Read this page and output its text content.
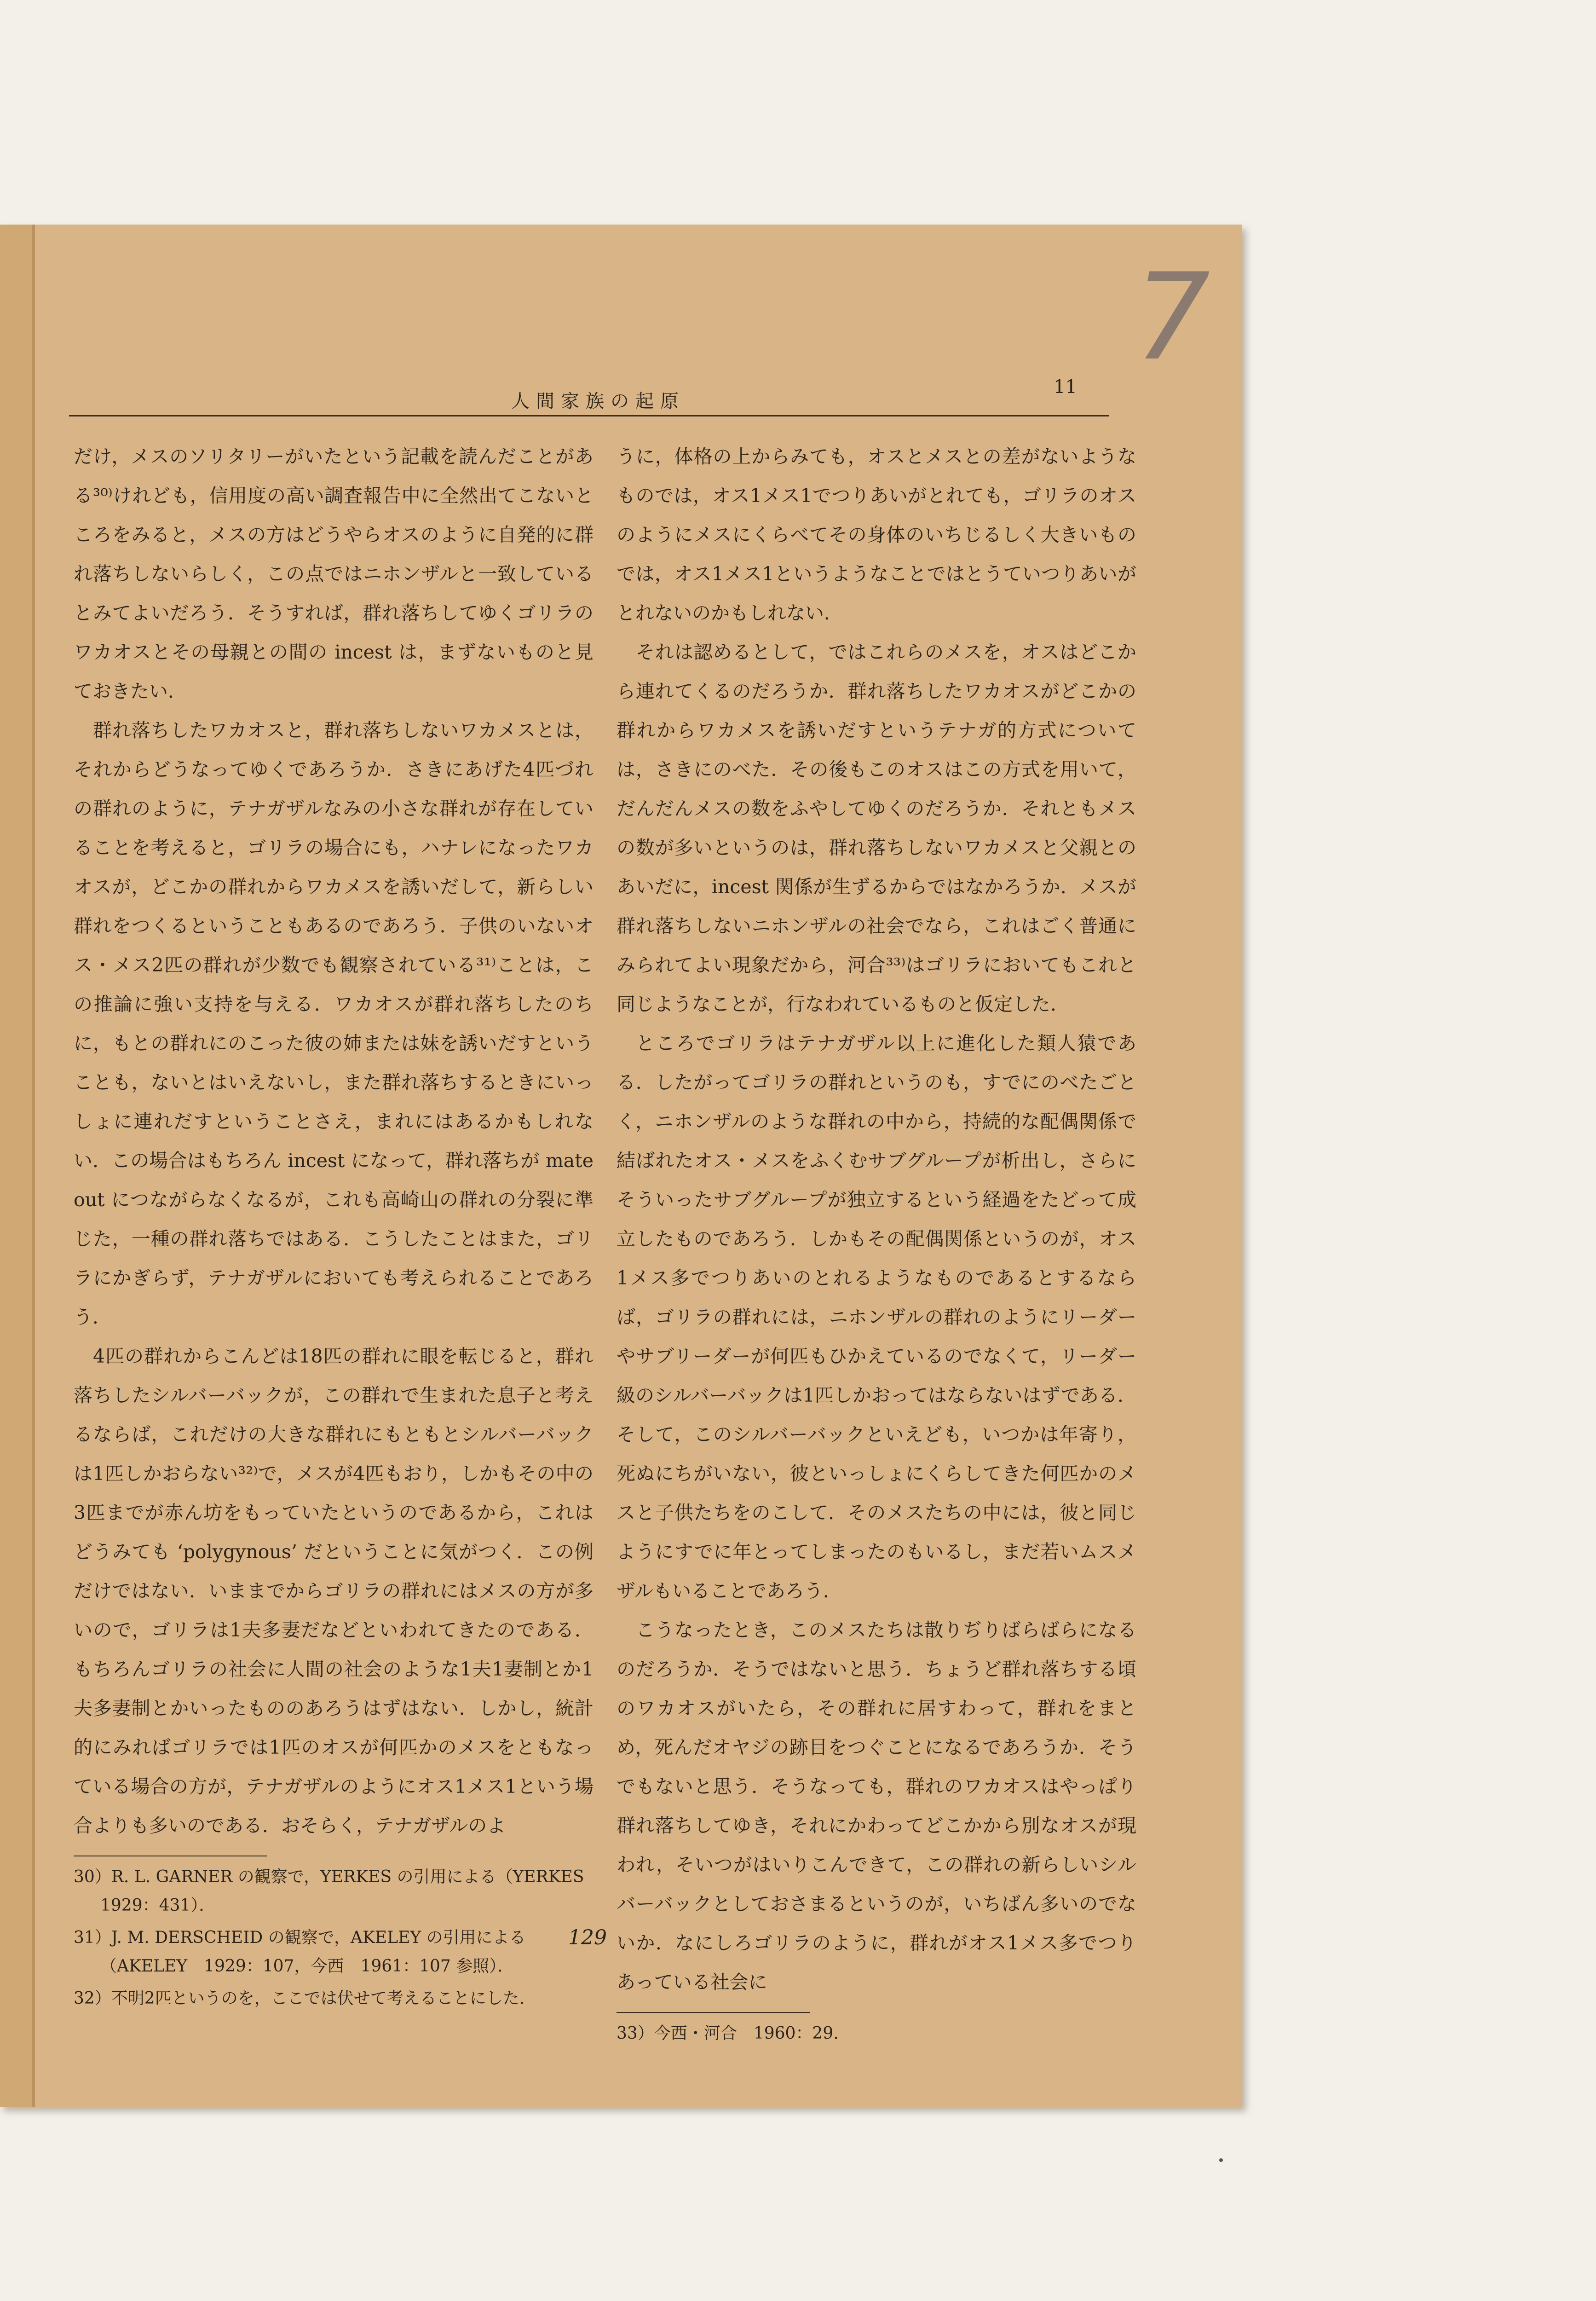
7
人間家族の起原
11

だけ，メスのソリタリーがいたという記載を読んだことがある³⁰⁾けれども，信用度の高い調査報告中に全然出てこないところをみると，メスの方はどうやらオスのように自発的に群れ落ちしないらしく，この点ではニホンザルと一致しているとみてよいだろう．そうすれば，群れ落ちしてゆくゴリラのワカオスとその母親との間の incest は，まずないものと見ておきたい．

群れ落ちしたワカオスと，群れ落ちしないワカメスとは，それからどうなってゆくであろうか．さきにあげた4匹づれの群れのように，テナガザルなみの小さな群れが存在していることを考えると，ゴリラの場合にも，ハナレになったワカオスが，どこかの群れからワカメスを誘いだして，新らしい群れをつくるということもあるのであろう．子供のいないオス・メス2匹の群れが少数でも観察されている³¹⁾ことは，この推論に強い支持を与える．ワカオスが群れ落ちしたのちに，もとの群れにのこった彼の姉または妹を誘いだすということも，ないとはいえないし，また群れ落ちするときにいっしょに連れだすということさえ，まれにはあるかもしれない．この場合はもちろん incest になって，群れ落ちが mate out につながらなくなるが，これも高崎山の群れの分裂に準じた，一種の群れ落ちではある．こうしたことはまた，ゴリラにかぎらず，テナガザルにおいても考えられることであろう．

4匹の群れからこんどは18匹の群れに眼を転じると，群れ落ちしたシルバーバックが，この群れで生まれた息子と考えるならば，これだけの大きな群れにもともとシルバーバックは1匹しかおらない³²⁾で，メスが4匹もおり，しかもその中の3匹までが赤ん坊をもっていたというのであるから，これはどうみても ‘polygynous’ だということに気がつく．この例だけではない．いままでからゴリラの群れにはメスの方が多いので，ゴリラは1夫多妻だなどといわれてきたのである．もちろんゴリラの社会に人間の社会のような1夫1妻制とか1夫多妻制とかいったもののあろうはずはない．しかし，統計的にみればゴリラでは1匹のオスが何匹かのメスをともなっている場合の方が，テナガザルのようにオス1メス1という場合よりも多いのである．おそらく，テナガザルのよ

30）R. L. GARNER の観察で，YERKES の引用による（YERKES　1929：431）．

31）J. M. DERSCHEID の観察で，AKELEY の引用による（AKELEY　1929：107，今西　1961：107 参照）．

32）不明2匹というのを，ここでは伏せて考えることにした．

うに，体格の上からみても，オスとメスとの差がないようなものでは，オス1メス1でつりあいがとれても，ゴリラのオスのようにメスにくらべてその身体のいちじるしく大きいものでは，オス1メス1というようなことではとうていつりあいがとれないのかもしれない．

それは認めるとして，ではこれらのメスを，オスはどこから連れてくるのだろうか．群れ落ちしたワカオスがどこかの群れからワカメスを誘いだすというテナガ的方式については，さきにのべた．その後もこのオスはこの方式を用いて，だんだんメスの数をふやしてゆくのだろうか．それともメスの数が多いというのは，群れ落ちしないワカメスと父親とのあいだに，incest 関係が生ずるからではなかろうか．メスが群れ落ちしないニホンザルの社会でなら，これはごく普通にみられてよい現象だから，河合³³⁾はゴリラにおいてもこれと同じようなことが，行なわれているものと仮定した．

ところでゴリラはテナガザル以上に進化した類人猿である．したがってゴリラの群れというのも，すでにのべたごとく，ニホンザルのような群れの中から，持続的な配偶関係で結ばれたオス・メスをふくむサブグループが析出し，さらにそういったサブグループが独立するという経過をたどって成立したものであろう．しかもその配偶関係というのが，オス1メス多でつりあいのとれるようなものであるとするならば，ゴリラの群れには，ニホンザルの群れのようにリーダーやサブリーダーが何匹もひかえているのでなくて，リーダー級のシルバーバックは1匹しかおってはならないはずである．そして，このシルバーバックといえども，いつかは年寄り，死ぬにちがいない，彼といっしょにくらしてきた何匹かのメスと子供たちをのこして．そのメスたちの中には，彼と同じようにすでに年とってしまったのもいるし，まだ若いムスメザルもいることであろう．

こうなったとき，このメスたちは散りぢりばらばらになるのだろうか．そうではないと思う．ちょうど群れ落ちする頃のワカオスがいたら，その群れに居すわって，群れをまとめ，死んだオヤジの跡目をつぐことになるであろうか．そうでもないと思う．そうなっても，群れのワカオスはやっぱり群れ落ちしてゆき，それにかわってどこかから別なオスが現われ，そいつがはいりこんできて，この群れの新らしいシルバーバックとしておさまるというのが，いちばん多いのでないか．なにしろゴリラのように，群れがオス1メス多でつりあっている社会に

33）今西・河合　1960：29.

129
